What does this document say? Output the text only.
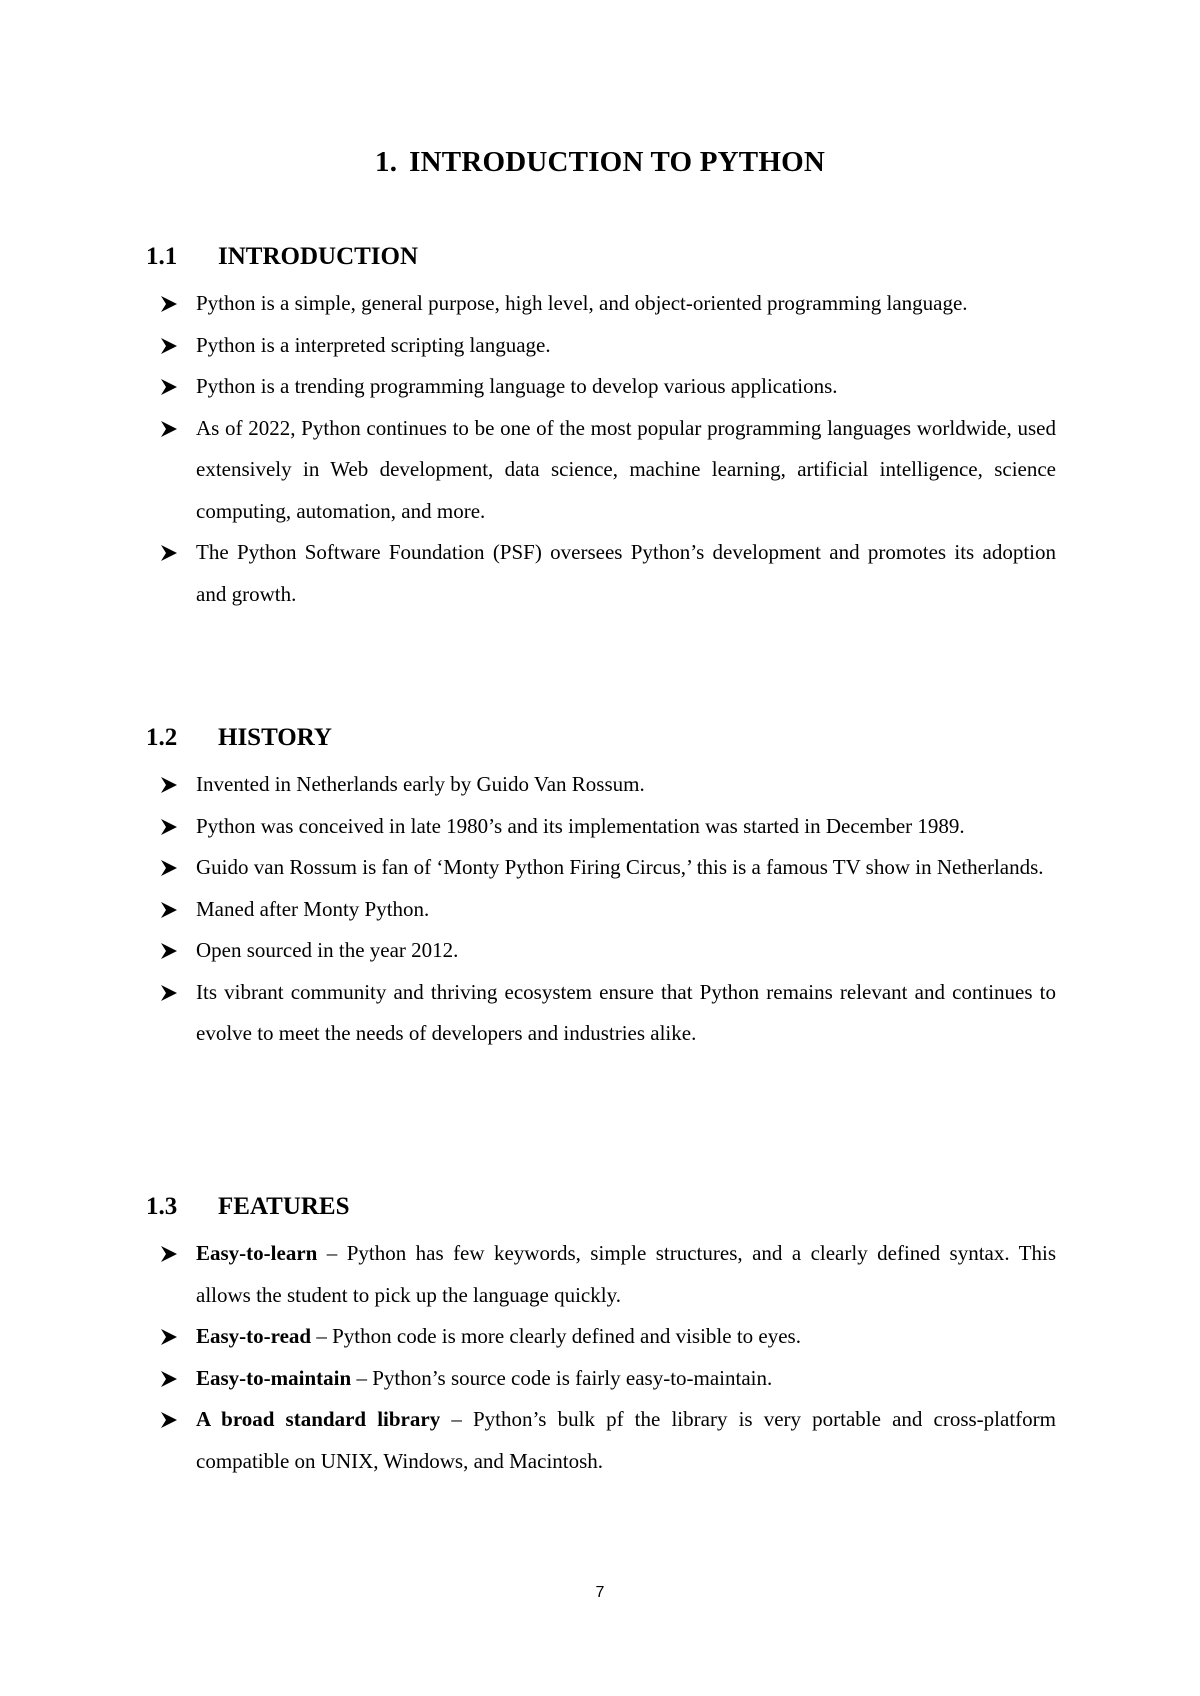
1. INTRODUCTION TO PYTHON
1.1 INTRODUCTION
Python is a simple, general purpose, high level, and object-oriented programming language.
Python is a interpreted scripting language.
Python is a trending programming language to develop various applications.
As of 2022, Python continues to be one of the most popular programming languages worldwide, used extensively in Web development, data science, machine learning, artificial intelligence, science computing, automation, and more.
The Python Software Foundation (PSF) oversees Python’s development and promotes its adoption and growth.
1.2 HISTORY
Invented in Netherlands early by Guido Van Rossum.
Python was conceived in late 1980’s and its implementation was started in December 1989.
Guido van Rossum is fan of ‘Monty Python Firing Circus,’ this is a famous TV show in Netherlands.
Maned after Monty Python.
Open sourced in the year 2012.
Its vibrant community and thriving ecosystem ensure that Python remains relevant and continues to evolve to meet the needs of developers and industries alike.
1.3 FEATURES
Easy-to-learn – Python has few keywords, simple structures, and a clearly defined syntax. This allows the student to pick up the language quickly.
Easy-to-read – Python code is more clearly defined and visible to eyes.
Easy-to-maintain – Python’s source code is fairly easy-to-maintain.
A broad standard library – Python’s bulk pf the library is very portable and cross-platform compatible on UNIX, Windows, and Macintosh.
7
